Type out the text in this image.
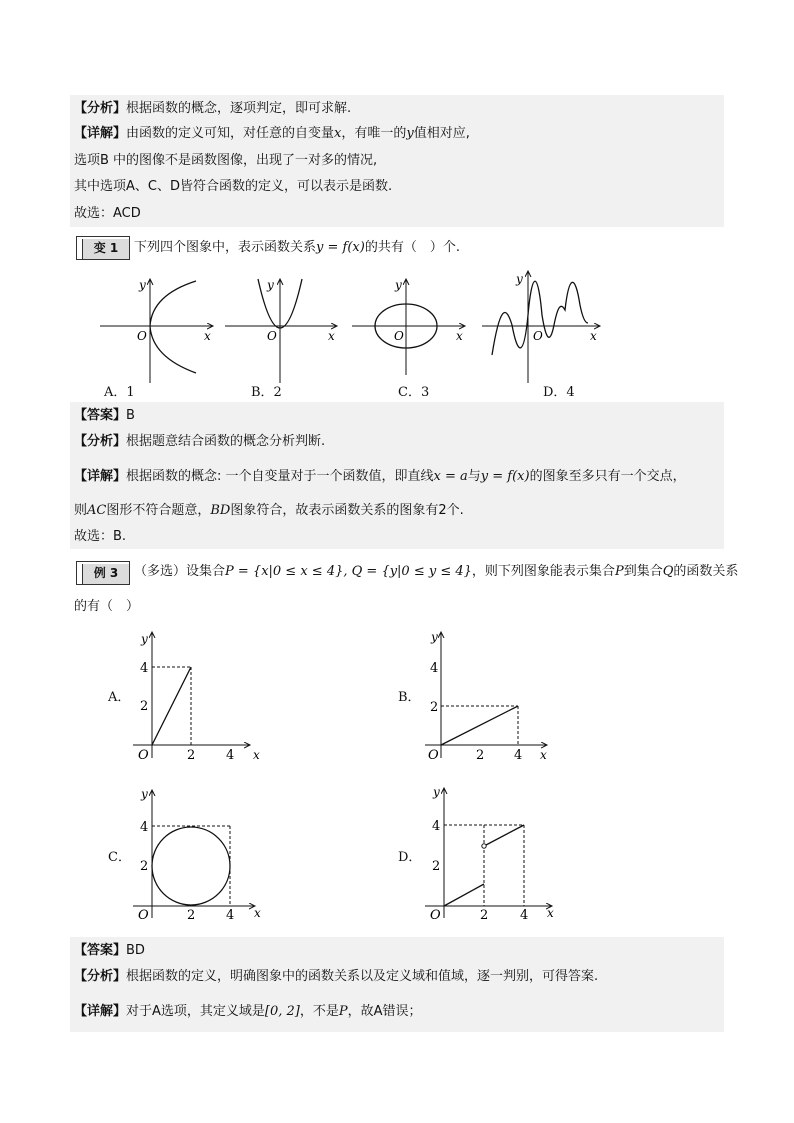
【分析】根据函数的概念，逐项判定，即可求解.
【详解】由函数的定义可知，对任意的自变量x，有唯一的y值相对应,
选项B 中的图像不是函数图像，出现了一对多的情况,
其中选项A、C、D皆符合函数的定义，可以表示是函数.
故选：ACD
变 1	下列四个图象中，表示函数关系y = f(x)的共有（　）个.
O	x
y
O	x
y
O	x
y
O	x
y
A．1	B．2	C．3	D．4
【答案】B
【分析】根据题意结合函数的概念分析判断.
【详解】根据函数的概念: 一个自变量对于一个函数值，即直线x = a与y = f(x)的图象至多只有一个交点，
则AC图形不符合题意，BD图象符合，故表示函数关系的图象有2个.
故选：B.
例 3	（多选）设集合P = {x|0 ≤ x ≤ 4}, Q = {y|0 ≤ y ≤ 4}，则下列图象能表示集合P到集合Q的函数关系
的有（　）
A．	B．
C．	D．
y
4
2
O	2 4 x
y
4
2
O	2 4 x
y
4
2
O	2 4 x
y
4
2
O	2 4 x
【答案】BD
【分析】根据函数的定义，明确图象中的函数关系以及定义域和值域，逐一判别，可得答案.
【详解】对于A选项，其定义域是[0, 2]，不是P，故A错误；
